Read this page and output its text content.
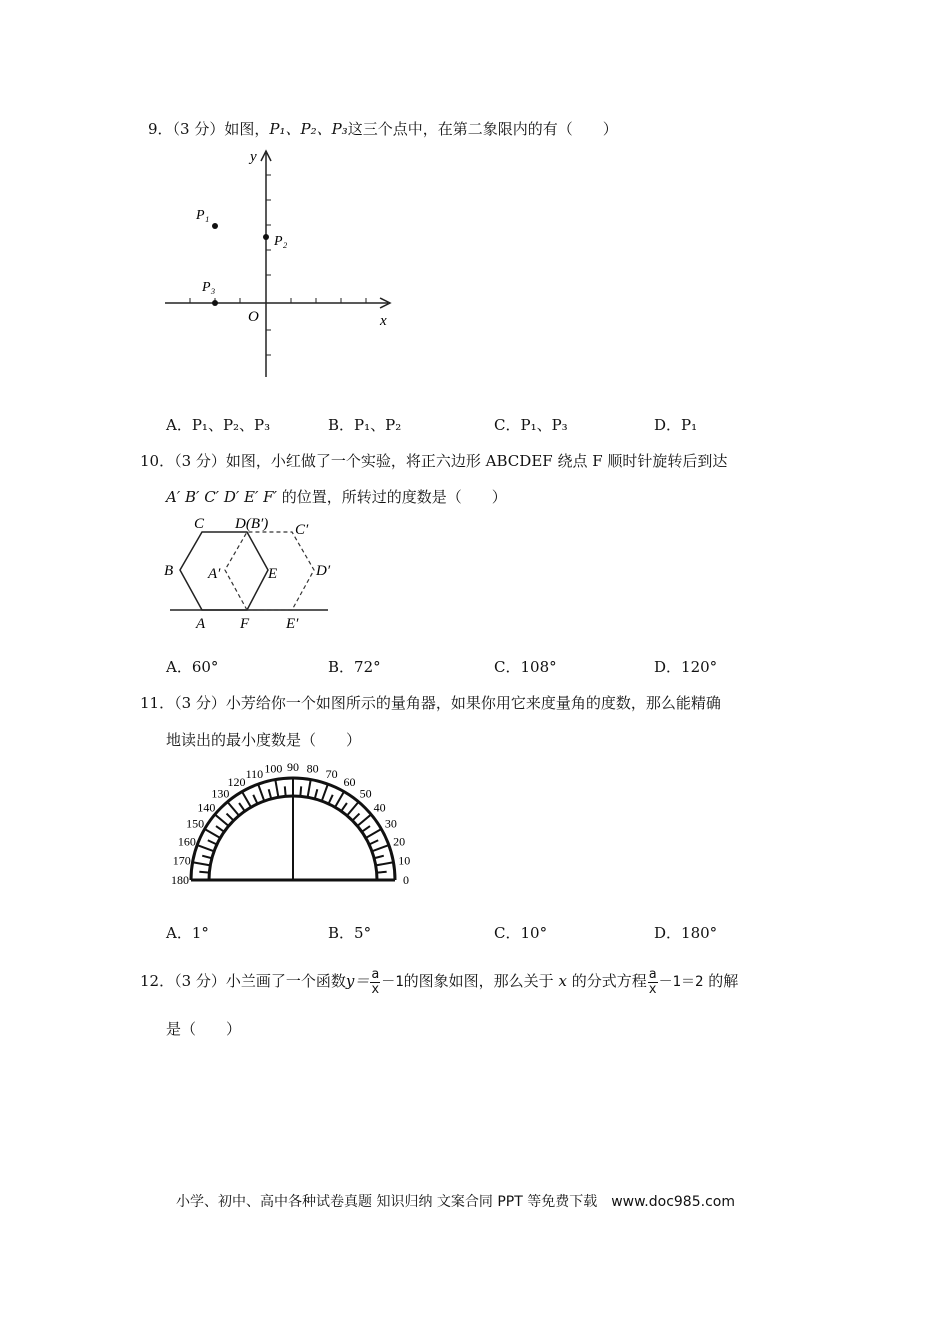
9．（3 分）如图，P₁、P₂、P₃这三个点中，在第二象限内的有（　　）
y
x
O
P₁
P₂
P₃
A．P₁、P₂、P₃	B．P₁、P₂	C．P₁、P₃	D．P₁
10．（3 分）如图，小红做了一个实验，将正六边形 ABCDEF 绕点 F 顺时针旋转后到达
A′ B′ C′ D′ E′ F′ 的位置，所转过的度数是（　　）
C D(B′) C′
B A′	E	D′
A F E′
A．60°	B．72°	C．108°	D．120°
11．（3 分）小芳给你一个如图所示的量角器，如果你用它来度量角的度数，那么能精确
地读出的最小度数是（　　）
180
170
160
150
140
130
120
110 100 90 80 70
60
50
40
30
20
10
0
A．1°	B．5°	C．10°	D．180°
12．（3 分）小兰画了一个函数$y= \frac{a}{x} -1$的图象如图，那么关于 x 的分式方程 $\frac{a}{x} -1=2$ 的解
是（　　）
小学、初中、高中各种试卷真题 知识归纳 文案合同 PPT 等免费下载　www.doc985.com
